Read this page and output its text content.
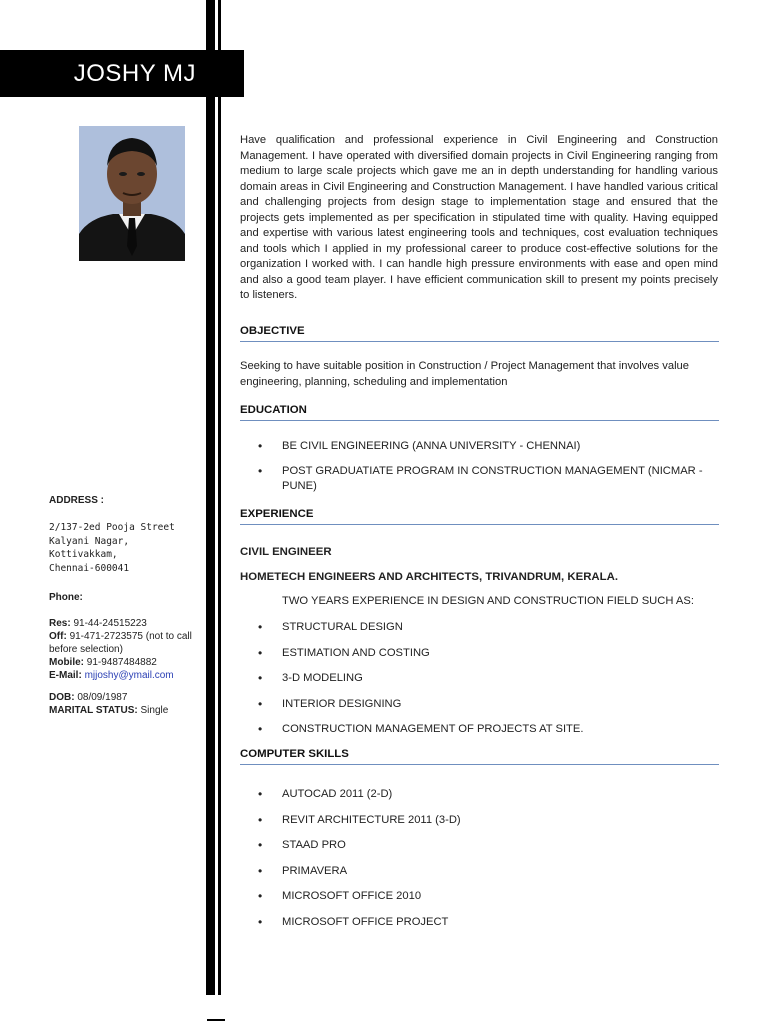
JOSHY MJ
ADDRESS :
2/137-2ed Pooja Street
Kalyani Nagar,
Kottivakkam,
Chennai-600041
Phone:
Res: 91-44-24515223
Off: 91-471-2723575 (not to call before selection)
Mobile: 91-9487484882
E-Mail: mjjoshy@ymail.com
DOB: 08/09/1987
MARITAL STATUS: Single

Have qualification and professional experience in Civil Engineering and Construction Management. I have operated with diversified domain projects in Civil Engineering ranging from medium to large scale projects which gave me an in depth understanding for handling various domain areas in Civil Engineering and Construction Management. I have handled various critical and challenging projects from design stage to implementation stage and ensured that the projects gets implemented as per specification in stipulated time with quality. Having equipped and expertise with various latest engineering tools and techniques, cost evaluation techniques and tools which I applied in my professional career to produce cost-effective solutions for the organization I worked with. I can handle high pressure environments with ease and open mind and also a good team player. I have efficient communication skill to present my points precisely to listeners.

OBJECTIVE
Seeking to have suitable position in Construction / Project Management that involves value engineering, planning, scheduling and implementation
EDUCATION
• BE CIVIL ENGINEERING (ANNA UNIVERSITY - CHENNAI)
• POST GRADUATIATE PROGRAM IN CONSTRUCTION MANAGEMENT (NICMAR - PUNE)
EXPERIENCE
CIVIL ENGINEER
HOMETECH ENGINEERS AND ARCHITECTS, TRIVANDRUM, KERALA.
TWO YEARS EXPERIENCE IN DESIGN AND CONSTRUCTION FIELD SUCH AS:
• STRUCTURAL DESIGN
• ESTIMATION AND COSTING
• 3-D MODELING
• INTERIOR DESIGNING
• CONSTRUCTION MANAGEMENT OF PROJECTS AT SITE.
COMPUTER SKILLS
• AUTOCAD 2011 (2-D)
• REVIT ARCHITECTURE 2011 (3-D)
• STAAD PRO
• PRIMAVERA
• MICROSOFT OFFICE 2010
• MICROSOFT OFFICE PROJECT
